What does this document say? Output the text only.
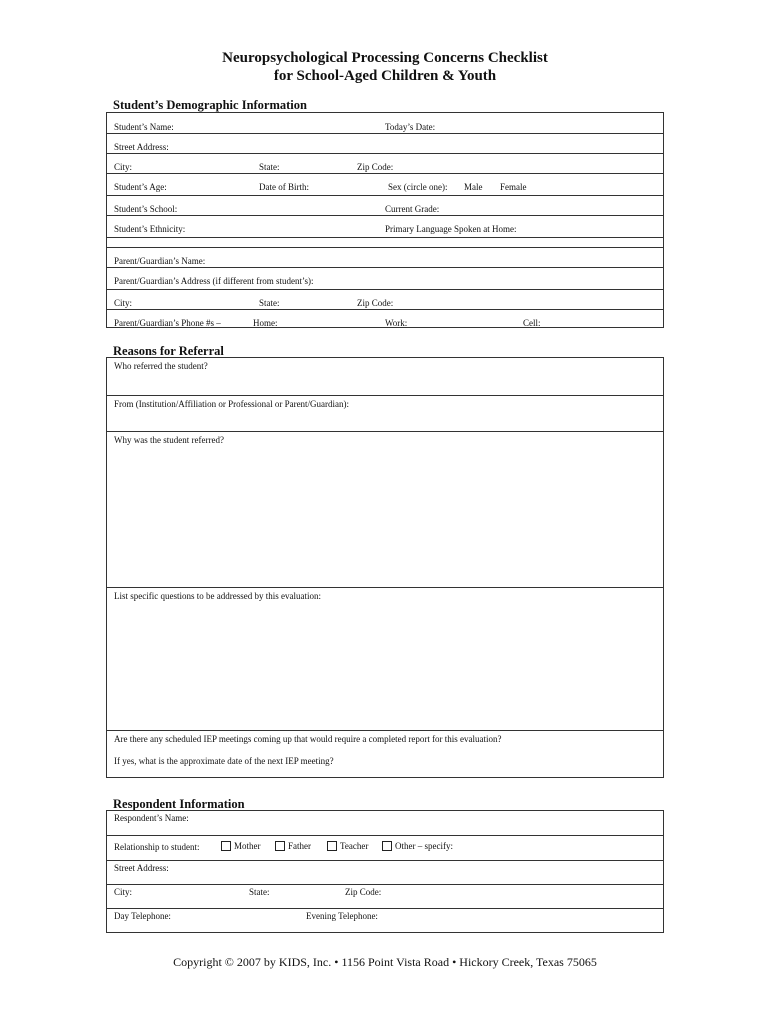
Neuropsychological Processing Concerns Checklist
for School-Aged Children & Youth
Student’s Demographic Information
Student’s Name:	Today’s Date:
Street Address:
City:	State:	Zip Code:
Student’s Age:	Date of Birth:	Sex (circle one): Male Female
Student’s School:	Current Grade:
Student’s Ethnicity:	Primary Language Spoken at Home:
Parent/Guardian’s Name:
Parent/Guardian’s Address (if different from student’s):
City:	State:	Zip Code:
Parent/Guardian’s Phone #s –	Home:	Work:	Cell:
Reasons for Referral
Who referred the student?
From (Institution/Affiliation or Professional or Parent/Guardian):
Why was the student referred?
List specific questions to be addressed by this evaluation:
Are there any scheduled IEP meetings coming up that would require a completed report for this evaluation?
If yes, what is the approximate date of the next IEP meeting?
Respondent Information
Respondent’s Name:
Relationship to student:	Mother	Father	Teacher	Other – specify:
Street Address:
City:	State:	Zip Code:
Day Telephone:	Evening Telephone:
Copyright © 2007 by KIDS, Inc. • 1156 Point Vista Road • Hickory Creek, Texas 75065
